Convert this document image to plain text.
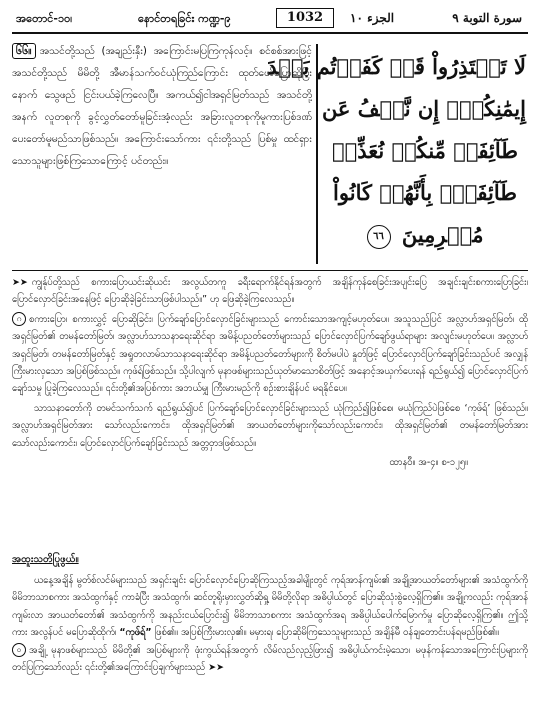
အတောင်-၁၀၊	နောင်တရခြင်း ကဏ္ဍ-၉	1032	الجزء ١٠	سورة التوبة ٩
၆၆။ အသင်တို့သည် (အချည်းနှီး) အကြောင်းမပြကြကုန်လင့်။ စင်စစ်အားဖြင့် အသင်တို့သည် မိမိတို့ အီမာန်သက်ဝင်ယုံကြည်ကြောင်း ထုတ်ဖော်ပြောဆိုပြီးနောက် သွေဖည် ငြင်းပယ်ခဲ့ကြလေပြီ။ အကယ်၍ငါအရှင်မြတ်သည် အသင်တို့အနက် လူတစုကို ခွင့်လွှတ်တော်မူခြင်းအံ့လည်း အခြားလူတစုကိုမူကားပြစ်ဒဏ်ပေးတော်မူမည်သာဖြစ်သည်။ အကြောင်းသော်ကား ၎င်းတို့သည် ပြစ်မှု ထင်ရှားသောသူများဖြစ်ကြသောကြောင့် ပင်တည်း။
لَا تَعۡتَذِرُواْ قَدۡ كَفَرۡتُم بَعۡدَ
إِيمَٰنِكُمۡۚ إِن نَّعۡفُ عَن
طَآئِفَةٖ مِّنكُمۡ نُعَذِّبۡ
طَآئِفَةَۢ بِأَنَّهُمۡ كَانُواْ
مُجۡرِمِينَ ٦٦

➤➤ ကျွန်ုပ်တို့သည် စကားပြောယင်းဆိုယင်း အလွယ်တကူ ခရီးရောက်နိုင်ရန်အတွက် အချိန်ကုန်စေခြင်းအပျင်းပြေ အချင်းချင်းစကားပြောခြင်း၊ ပြောင်လှောင်ခြင်းအနေဖြင့် ပြောဆိုခဲ့ခြင်းသာဖြစ်ပါသည်။” ဟု ဖြေဆိုခဲ့ကြလေသည်။

ဂ စကားပြော၊ စကားလွှင့် ပြောဆိုခြင်း၊ ပြက်ချော်ပြောင်လှောင်ခြင်းများသည် ကောင်းသောအကျင့်မဟုတ်ပေ။ အသူသည်ပြင် အလ္လာဟ်အရှင်မြတ်၊ ထိုအရှင်မြတ်၏ တမန်တော်မြတ်၊ အလ္လာဟ်သာသနာရေးဆိုင်ရာ အမိန့်ပညတ်တော်များသည် ပြောင်လှောင်ပြက်ချော်ဖွယ်ရာများ အလျင်းမဟုတ်ပေ။ အလ္လာဟ်အရှင်မြတ်၊ တမန်တော်မြတ်နှင့် အရှုတလာမ်သာသနာရေးဆိုင်ရာ အမိန့်ပညတ်တော်များကို စိတ်မပါပဲ နှုတ်ဖြင့် ပြောင်လှောင်ပြက်ချော်ခြင်းသည်ပင် အလျှန်ကြီးမားလှသော အပြစ်ဖြစ်သည်။ ကုဖ်ရ်ဖြစ်သည်။ သို့ပါလျက် မုနာဖစ်များသည်ယုတ်မာသောစိတ်ဖြင့် အနောင့်အယှက်ပေးရန် ရည်ရွယ်၍ ပြောင်လှောင်ပြက်ချော်သမှု ပြုခဲ့ကြလေသည်။ ၎င်းတို့၏အပြစ်ကား အဘယ်မျှ ကြီးမားမည်ကို စဉ်းစားချိန်ပင် မရနိုင်ပေ။

သာသနာတော်ကို တမင်သက်သက် ရည်ရွယ်၍ပင် ပြက်ချော်ပြောင်လှောင်ခြင်းများသည် ယုံကြည်၍ဖြစ်စေ၊ မယုံကြည်ပဲဖြစ်စေ ‘ကုဖ်ရ်’ ဖြစ်သည်။ အလ္လာဟ်အရှင်မြတ်အား သော်လည်းကောင်း၊ ထိုအရှင်မြတ်၏ အာယတ်တော်များကိုသော်လည်းကောင်း၊ ထိုအရှင်မြတ်၏ တမန်တော်မြတ်အားသော်လည်းကောင်း၊ ပြောင်လှောင်ပြက်ချော်ခြင်းသည် အတ္တဝှာဒဖြစ်သည်။

ထာနဝီ။ အ-၄။ စ-၁၂၅။

အထူးသတိပြုဖွယ်။

ယနေ့အချိန် မွတ်စ်လင်မ်များသည် အရှင်းချင်း ပြောင်လှောင်ပြောဆိုကြသည့်အခါမျိုးတွင် ကုရ်အာန်ကျမ်း၏ အချို့အာယတ်တော်များ၏ အသံထွက်ကို မိမိဘာသာစကား အသံထွက်နှင့် ကာခံပြီး အသံထွက်၊ ဆင်တူရိုးမှားလွှတ်ဆိုရှု့ မိမိတို့လိုရာ အဓိပ္ပါယ်တွင် ပြောဆိုသုံးစွဲလေ့ရှိကြ၏။ အချို့ကလည်း ကုရ်အာန်ကျမ်းလာ အာယတ်တော်၏ အသံထွက်ကို အနည်းငယ်ပြောင်း၍ မိမိဘာသာစကား အသံထွက်အရ အဓိပ္ပါယ်ပေါက်မြောက်မှု ပြောဆိုလေ့ရှိကြ၏။ ဤသို့ကား အလွန်ပင် မပြောဆိုထိုက်၊ “ကုဖ်ရ်” ဖြစ်၏။ အပြစ်ကြီးမားလှ၏။ မမှားရ၊ ပြောဆိုမိကြသေသူများသည် အချိန်မီ ဝန်ချတောင်းပန်ရမည်ဖြစ်၏။

ဝ အချို့ မုနာဖစ်များသည် မိမိတို့၏ အပြစ်များကို ဖုံးကွယ်ရန်အတွက် လိမ်လည်လှည့်ဖြား၍ အဓိပ္ပါယ်ကင်းမဲ့သော၊ မဖုန်ကန်သောအကြောင်းပြများကိုတင်ပြကြသော်လည်း ၎င်းတို့၏အကြောင်းပြချက်များသည် ➤➤
